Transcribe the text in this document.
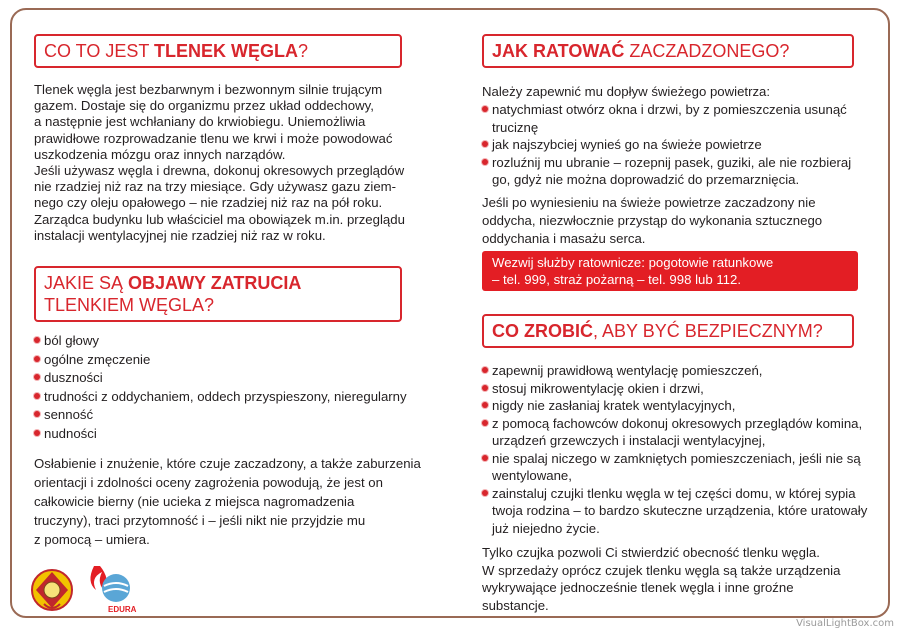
CO TO JEST TLENEK WĘGLA?
Tlenek węgla jest bezbarwnym i bezwonnym silnie trującym
gazem. Dostaje się do organizmu przez układ oddechowy,
a następnie jest wchłaniany do krwiobiegu. Uniemożliwia
prawidłowe rozprowadzanie tlenu we krwi i może powodować
uszkodzenia mózgu oraz innych narządów.
Jeśli używasz węgla i drewna, dokonuj okresowych przeglądów
nie rzadziej niż raz na trzy miesiące. Gdy używasz gazu ziem-
nego czy oleju opałowego – nie rzadziej niż raz na pół roku.
Zarządca budynku lub właściciel ma obowiązek m.in. przeglądu
instalacji wentylacyjnej nie rzadziej niż raz w roku.
JAKIE SĄ OBJAWY ZATRUCIA
TLENKIEM WĘGLA?
ból głowy
ogólne zmęczenie
duszności
trudności z oddychaniem, oddech przyspieszony, nieregularny
senność
nudności
Osłabienie i znużenie, które czuje zaczadzony, a także zaburzenia
orientacji i zdolności oceny zagrożenia powodują, że jest on
całkowicie bierny (nie ucieka z miejsca nagromadzenia
truczyny), traci przytomność i – jeśli nikt nie przyjdzie mu
z pomocą – umiera.
EDURA
JAK RATOWAĆ ZACZADZONEGO?
Należy zapewnić mu dopływ świeżego powietrza:
natychmiast otwórz okna i drzwi, by z pomieszczenia usunąć truciznę
jak najszybciej wynieś go na świeże powietrze
rozluźnij mu ubranie – rozepnij pasek, guziki, ale nie rozbieraj go, gdyż nie można doprowadzić do przemarznięcia.
Jeśli po wyniesieniu na świeże powietrze zaczadzony nie
oddycha, niezwłocznie przystąp do wykonania sztucznego
oddychania i masażu serca.
Wezwij służby ratownicze: pogotowie ratunkowe
– tel. 999, straż pożarną – tel. 998 lub 112.
CO ZROBIĆ, ABY BYĆ BEZPIECZNYM?
zapewnij prawidłową wentylację pomieszczeń,
stosuj mikrowentylację okien i drzwi,
nigdy nie zasłaniaj kratek wentylacyjnych,
z pomocą fachowców dokonuj okresowych przeglądów komina, urządzeń grzewczych i instalacji wentylacyjnej,
nie spalaj niczego w zamkniętych pomieszczeniach, jeśli nie są wentylowane,
zainstaluj czujki tlenku węgla w tej części domu, w której sypia twoja rodzina – to bardzo skuteczne urządzenia, które uratowały już niejedno życie.
Tylko czujka pozwoli Ci stwierdzić obecność tlenku węgla.
W sprzedaży oprócz czujek tlenku węgla są także urządzenia
wykrywające jednocześnie tlenek węgla i inne groźne
substancje.
VisualLightBox.com
